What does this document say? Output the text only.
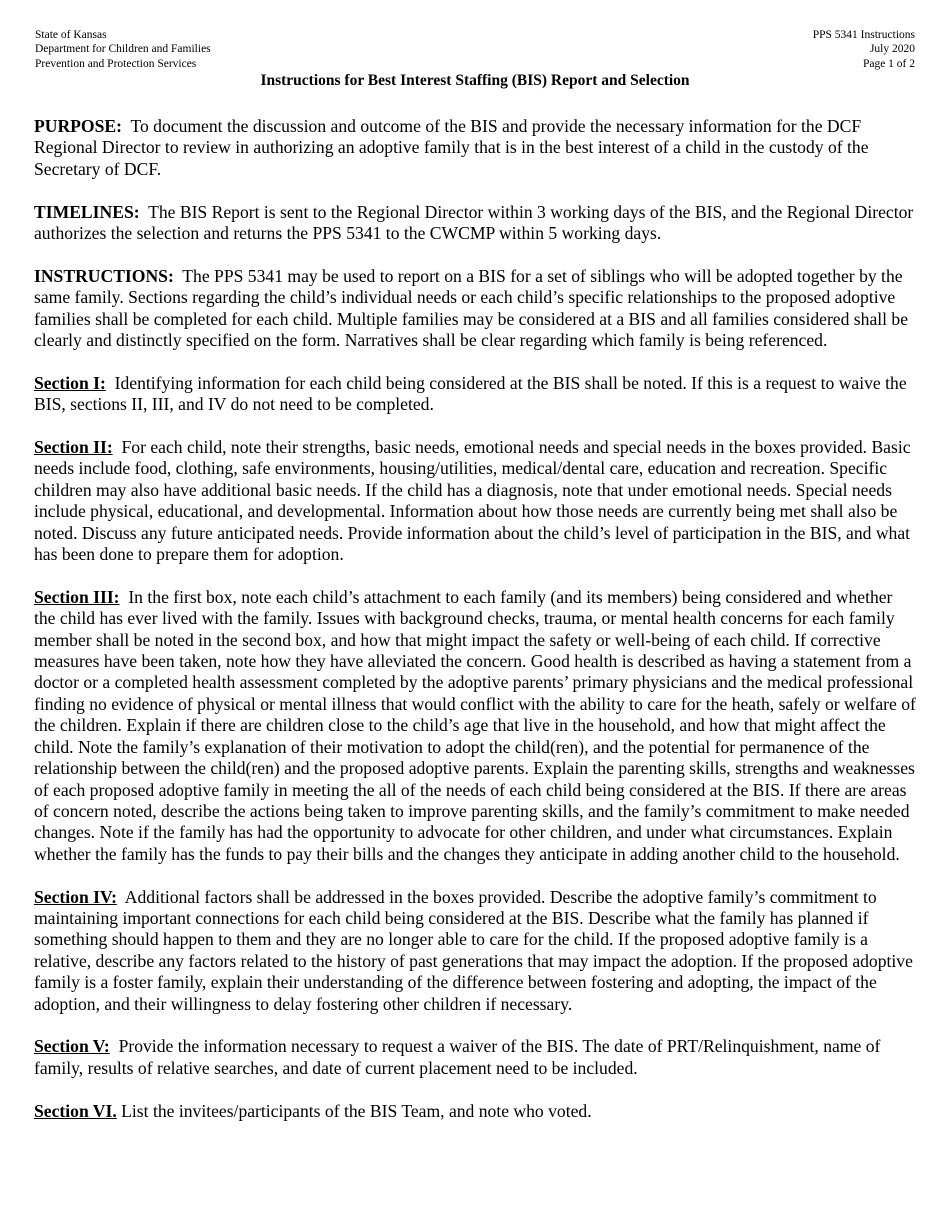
State of Kansas
Department for Children and Families
Prevention and Protection Services
PPS 5341 Instructions
July 2020
Page 1 of 2
Instructions for Best Interest Staffing (BIS) Report and Selection

PURPOSE: To document the discussion and outcome of the BIS and provide the necessary information for the DCF Regional Director to review in authorizing an adoptive family that is in the best interest of a child in the custody of the Secretary of DCF.

TIMELINES: The BIS Report is sent to the Regional Director within 3 working days of the BIS, and the Regional Director authorizes the selection and returns the PPS 5341 to the CWCMP within 5 working days.

INSTRUCTIONS: The PPS 5341 may be used to report on a BIS for a set of siblings who will be adopted together by the same family. Sections regarding the child’s individual needs or each child’s specific relationships to the proposed adoptive families shall be completed for each child. Multiple families may be considered at a BIS and all families considered shall be clearly and distinctly specified on the form. Narratives shall be clear regarding which family is being referenced.

Section I: Identifying information for each child being considered at the BIS shall be noted. If this is a request to waive the BIS, sections II, III, and IV do not need to be completed.

Section II: For each child, note their strengths, basic needs, emotional needs and special needs in the boxes provided. Basic needs include food, clothing, safe environments, housing/utilities, medical/dental care, education and recreation. Specific children may also have additional basic needs. If the child has a diagnosis, note that under emotional needs. Special needs include physical, educational, and developmental. Information about how those needs are currently being met shall also be noted. Discuss any future anticipated needs. Provide information about the child’s level of participation in the BIS, and what has been done to prepare them for adoption.

Section III: In the first box, note each child’s attachment to each family (and its members) being considered and whether the child has ever lived with the family. Issues with background checks, trauma, or mental health concerns for each family member shall be noted in the second box, and how that might impact the safety or well-being of each child. If corrective measures have been taken, note how they have alleviated the concern. Good health is described as having a statement from a doctor or a completed health assessment completed by the adoptive parents’ primary physicians and the medical professional finding no evidence of physical or mental illness that would conflict with the ability to care for the heath, safely or welfare of the children. Explain if there are children close to the child’s age that live in the household, and how that might affect the child. Note the family’s explanation of their motivation to adopt the child(ren), and the potential for permanence of the relationship between the child(ren) and the proposed adoptive parents. Explain the parenting skills, strengths and weaknesses of each proposed adoptive family in meeting the all of the needs of each child being considered at the BIS. If there are areas of concern noted, describe the actions being taken to improve parenting skills, and the family’s commitment to make needed changes. Note if the family has had the opportunity to advocate for other children, and under what circumstances. Explain whether the family has the funds to pay their bills and the changes they anticipate in adding another child to the household.

Section IV: Additional factors shall be addressed in the boxes provided. Describe the adoptive family’s commitment to maintaining important connections for each child being considered at the BIS. Describe what the family has planned if something should happen to them and they are no longer able to care for the child. If the proposed adoptive family is a relative, describe any factors related to the history of past generations that may impact the adoption. If the proposed adoptive family is a foster family, explain their understanding of the difference between fostering and adopting, the impact of the adoption, and their willingness to delay fostering other children if necessary.

Section V: Provide the information necessary to request a waiver of the BIS. The date of PRT/Relinquishment, name of family, results of relative searches, and date of current placement need to be included.

Section VI. List the invitees/participants of the BIS Team, and note who voted.
